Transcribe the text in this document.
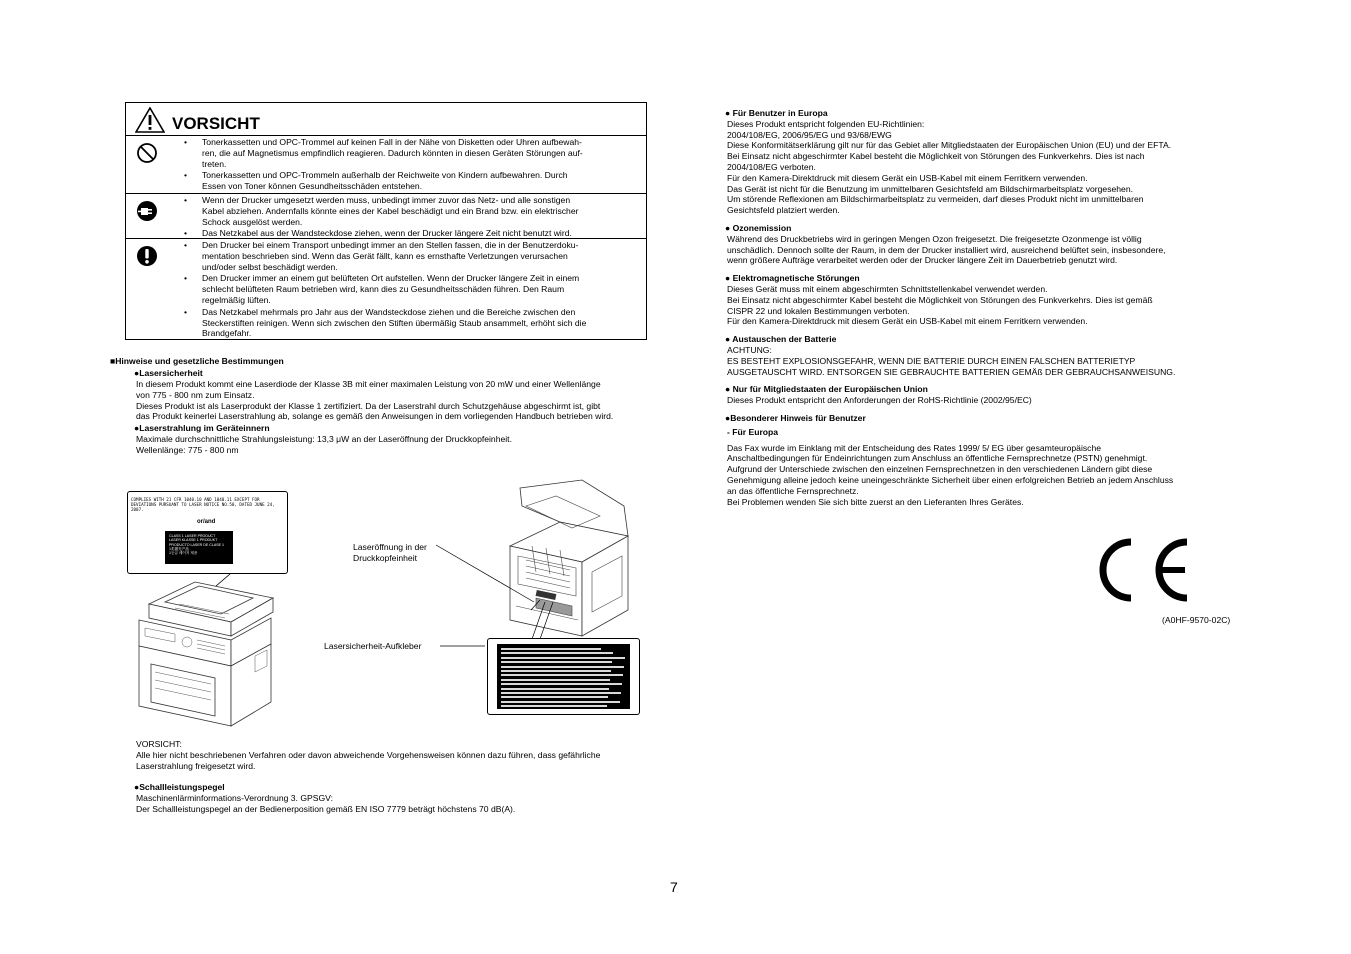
VORSICHT
• Tonerkassetten und OPC-Trommel auf keinen Fall in der Nähe von Disketten oder Uhren aufbewah-
ren, die auf Magnetismus empfindlich reagieren. Dadurch könnten in diesen Geräten Störungen auf-
treten.
• Tonerkassetten und OPC-Trommeln außerhalb der Reichweite von Kindern aufbewahren. Durch
Essen von Toner können Gesundheitsschäden entstehen.
• Wenn der Drucker umgesetzt werden muss, unbedingt immer zuvor das Netz- und alle sonstigen
Kabel abziehen. Andernfalls könnte eines der Kabel beschädigt und ein Brand bzw. ein elektrischer
Schock ausgelöst werden.
• Das Netzkabel aus der Wandsteckdose ziehen, wenn der Drucker längere Zeit nicht benutzt wird.
• Den Drucker bei einem Transport unbedingt immer an den Stellen fassen, die in der Benutzerdoku-
mentation beschrieben sind. Wenn das Gerät fällt, kann es ernsthafte Verletzungen verursachen
und/oder selbst beschädigt werden.
• Den Drucker immer an einem gut belüfteten Ort aufstellen. Wenn der Drucker längere Zeit in einem
schlecht belüfteten Raum betrieben wird, kann dies zu Gesundheitsschäden führen. Den Raum
regelmäßig lüften.
• Das Netzkabel mehrmals pro Jahr aus der Wandsteckdose ziehen und die Bereiche zwischen den
Steckerstiften reinigen. Wenn sich zwischen den Stiften übermäßig Staub ansammelt, erhöht sich die
Brandgefahr.

■Hinweise und gesetzliche Bestimmungen

●Lasersicherheit

In diesem Produkt kommt eine Laserdiode der Klasse 3B mit einer maximalen Leistung von 20 mW und einer Wellenlänge
von 775 - 800 nm zum Einsatz.
Dieses Produkt ist als Laserprodukt der Klasse 1 zertifiziert. Da der Laserstrahl durch Schutzgehäuse abgeschirmt ist, gibt
das Produkt keinerlei Laserstrahlung ab, solange es gemäß den Anweisungen in dem vorliegenden Handbuch betrieben wird.

●Laserstrahlung im Geräteinnern

Maximale durchschnittliche Strahlungsleistung: 13,3 μW an der Laseröffnung der Druckkopfeinheit.
Wellenlänge: 775 - 800 nm
COMPLIES WITH 21 CFR 1040.10 AND 1040.11 EXCEPT FOR DEVIATIONS PURSUANT TO LASER NOTICE NO.50, DATED JUNE 24, 2007.
or/and
CLASS 1 LASER PRODUCT
LASER KLASSE 1 PRODUKT
PRODUCTO LASER DE CLASE 1
1类激光产品
1등급 레이저 제품
Laseröffnung in der
Druckkopfeinheit
Lasersicherheit-Aufkleber
VORSICHT:
Alle hier nicht beschriebenen Verfahren oder davon abweichende Vorgehensweisen können dazu führen, dass gefährliche
Laserstrahlung freigesetzt wird.

●Schallleistungspegel

Maschinenlärminformations-Verordnung 3. GPSGV:
Der Schallleistungspegel an der Bedienerposition gemäß EN ISO 7779 beträgt höchstens 70 dB(A).

● Für Benutzer in Europa

Dieses Produkt entspricht folgenden EU-Richtlinien:
2004/108/EG, 2006/95/EG und 93/68/EWG
Diese Konformitätserklärung gilt nur für das Gebiet aller Mitgliedstaaten der Europäischen Union (EU) und der EFTA.
Bei Einsatz nicht abgeschirmter Kabel besteht die Möglichkeit von Störungen des Funkverkehrs. Dies ist nach
2004/108/EG verboten.
Für den Kamera-Direktdruck mit diesem Gerät ein USB-Kabel mit einem Ferritkern verwenden.
Das Gerät ist nicht für die Benutzung im unmittelbaren Gesichtsfeld am Bildschirmarbeitsplatz vorgesehen.
Um störende Reflexionen am Bildschirmarbeitsplatz zu vermeiden, darf dieses Produkt nicht im unmittelbaren
Gesichtsfeld platziert werden.

● Ozonemission

Während des Druckbetriebs wird in geringen Mengen Ozon freigesetzt. Die freigesetzte Ozonmenge ist völlig
unschädlich. Dennoch sollte der Raum, in dem der Drucker installiert wird, ausreichend belüftet sein, insbesondere,
wenn größere Aufträge verarbeitet werden oder der Drucker längere Zeit im Dauerbetrieb genutzt wird.

● Elektromagnetische Störungen

Dieses Gerät muss mit einem abgeschirmten Schnittstellenkabel verwendet werden.
Bei Einsatz nicht abgeschirmter Kabel besteht die Möglichkeit von Störungen des Funkverkehrs. Dies ist gemäß
CISPR 22 und lokalen Bestimmungen verboten.
Für den Kamera-Direktdruck mit diesem Gerät ein USB-Kabel mit einem Ferritkern verwenden.

● Austauschen der Batterie

ACHTUNG:
ES BESTEHT EXPLOSIONSGEFAHR, WENN DIE BATTERIE DURCH EINEN FALSCHEN BATTERIETYP
AUSGETAUSCHT WIRD. ENTSORGEN SIE GEBRAUCHTE BATTERIEN GEMÄß DER GEBRAUCHSANWEISUNG.

● Nur für Mitgliedstaaten der Europäischen Union

Dieses Produkt entspricht den Anforderungen der RoHS-Richtlinie (2002/95/EC)

●Besonderer Hinweis für Benutzer

- Für Europa

Das Fax wurde im Einklang mit der Entscheidung des Rates 1999/ 5/ EG über gesamteuropäische
Anschaltbedingungen für Endeinrichtungen zum Anschluss an öffentliche Fernsprechnetze (PSTN) genehmigt.
Aufgrund der Unterschiede zwischen den einzelnen Fernsprechnetzen in den verschiedenen Ländern gibt diese
Genehmigung alleine jedoch keine uneingeschränkte Sicherheit über einen erfolgreichen Betrieb an jedem Anschluss
an das öffentliche Fernsprechnetz.
Bei Problemen wenden Sie sich bitte zuerst an den Lieferanten Ihres Gerätes.
(A0HF-9570-02C)
7
